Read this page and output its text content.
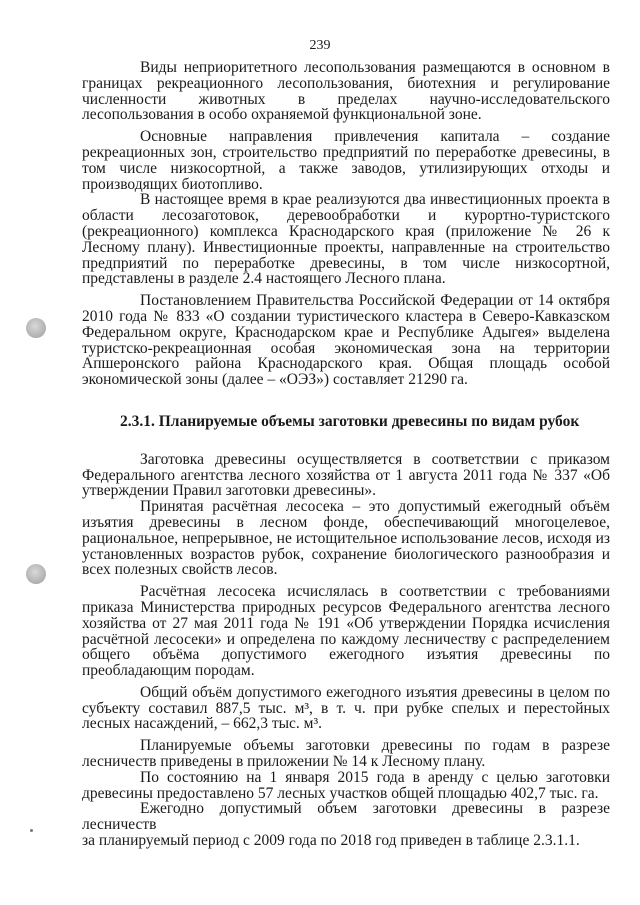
239

Виды неприоритетного лесопользования размещаются в основном в границах рекреационного лесопользования, биотехния и регулирование численности животных в пределах научно-исследовательского лесопользования в особо охраняемой функциональной зоне.

Основные направления привлечения капитала – создание рекреационных зон, строительство предприятий по переработке древесины, в том числе низкосортной, а также заводов, утилизирующих отходы и производящих биотопливо.

В настоящее время в крае реализуются два инвестиционных проекта в области лесозаготовок, деревообработки и курортно-туристского (рекреационного) комплекса Краснодарского края (приложение № 26 к Лесному плану). Инвестиционные проекты, направленные на строительство предприятий по переработке древесины, в том числе низкосортной, представлены в разделе 2.4 настоящего Лесного плана.

Постановлением Правительства Российской Федерации от 14 октября 2010 года № 833 «О создании туристического кластера в Северо-Кавказском Федеральном округе, Краснодарском крае и Республике Адыгея» выделена туристско-рекреационная особая экономическая зона на территории Апшеронского района Краснодарского края. Общая площадь особой экономической зоны (далее – «ОЭЗ») составляет 21290 га.

2.3.1. Планируемые объемы заготовки древесины по видам рубок

Заготовка древесины осуществляется в соответствии с приказом Федерального агентства лесного хозяйства от 1 августа 2011 года № 337 «Об утверждении Правил заготовки древесины».

Принятая расчётная лесосека – это допустимый ежегодный объём изъятия древесины в лесном фонде, обеспечивающий многоцелевое, рациональное, непрерывное, не истощительное использование лесов, исходя из установленных возрастов рубок, сохранение биологического разнообразия и всех полезных свойств лесов.

Расчётная лесосека исчислялась в соответствии с требованиями приказа Министерства природных ресурсов Федерального агентства лесного хозяйства от 27 мая 2011 года № 191 «Об утверждении Порядка исчисления расчётной лесосеки» и определена по каждому лесничеству с распределением общего объёма допустимого ежегодного изъятия древесины по преобладающим породам.

Общий объём допустимого ежегодного изъятия древесины в целом по субъекту составил 887,5 тыс. м³, в т. ч. при рубке спелых и перестойных лесных насаждений, – 662,3 тыс. м³.

Планируемые объемы заготовки древесины по годам в разрезе лесничеств приведены в приложении № 14 к Лесному плану.

По состоянию на 1 января 2015 года в аренду с целью заготовки древесины предоставлено 57 лесных участков общей площадью 402,7 тыс. га.

Ежегодно допустимый объем заготовки древесины в разрезе лесничеств

за планируемый период с 2009 года по 2018 год приведен в таблице 2.3.1.1.
